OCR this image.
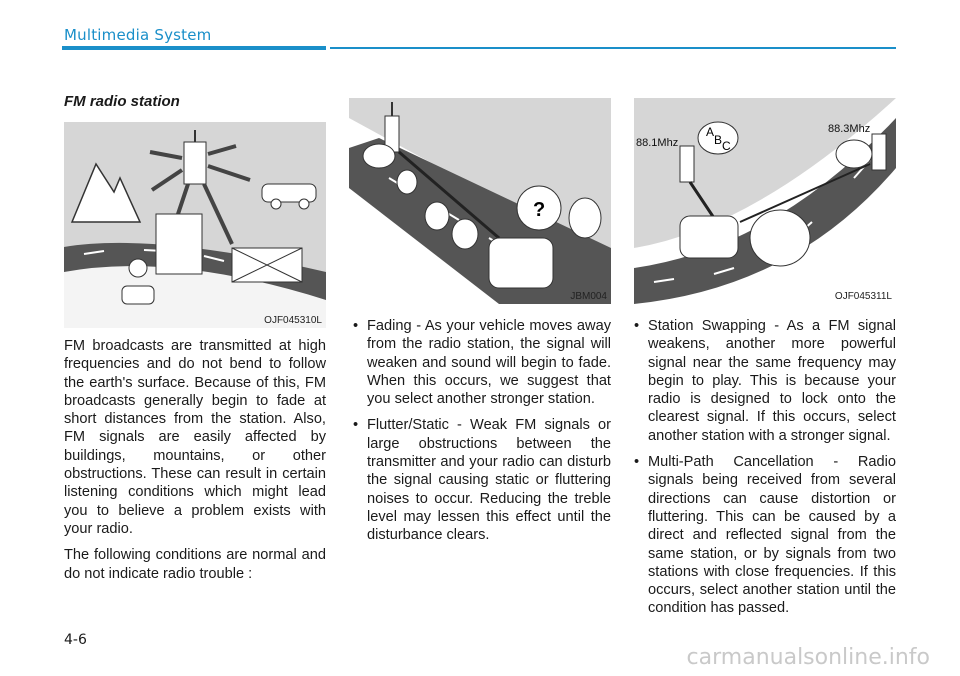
Multimedia System
FM radio station
OJF045310L
?
JBM004
88.1Mhz
88.3Mhz
A
B C
OJF045311L

FM broadcasts are transmitted at high frequencies and do not bend to follow the earth's surface. Because of this, FM broadcasts generally begin to fade at short distances from the station. Also, FM signals are easily affected by buildings, mountains, or other obstructions. These can result in certain listening conditions which might lead you to believe a problem exists with your radio.

The following conditions are normal and do not indicate radio trouble :

• Fading - As your vehicle moves away from the radio station, the signal will weaken and sound will begin to fade. When this occurs, we suggest that you select another stronger station.
• Flutter/Static - Weak FM signals or large obstructions between the transmitter and your radio can disturb the signal causing static or fluttering noises to occur. Reducing the treble level may lessen this effect until the disturbance clears.
• Station Swapping - As a FM signal weakens, another more powerful signal near the same frequency may begin to play. This is because your radio is designed to lock onto the clearest signal. If this occurs, select another station with a stronger signal.
• Multi-Path Cancellation - Radio signals being received from several directions can cause distortion or fluttering. This can be caused by a direct and reflected signal from the same station, or by signals from two stations with close frequencies. If this occurs, select another station until the condition has passed.
4-6
carmanualsonline.info
